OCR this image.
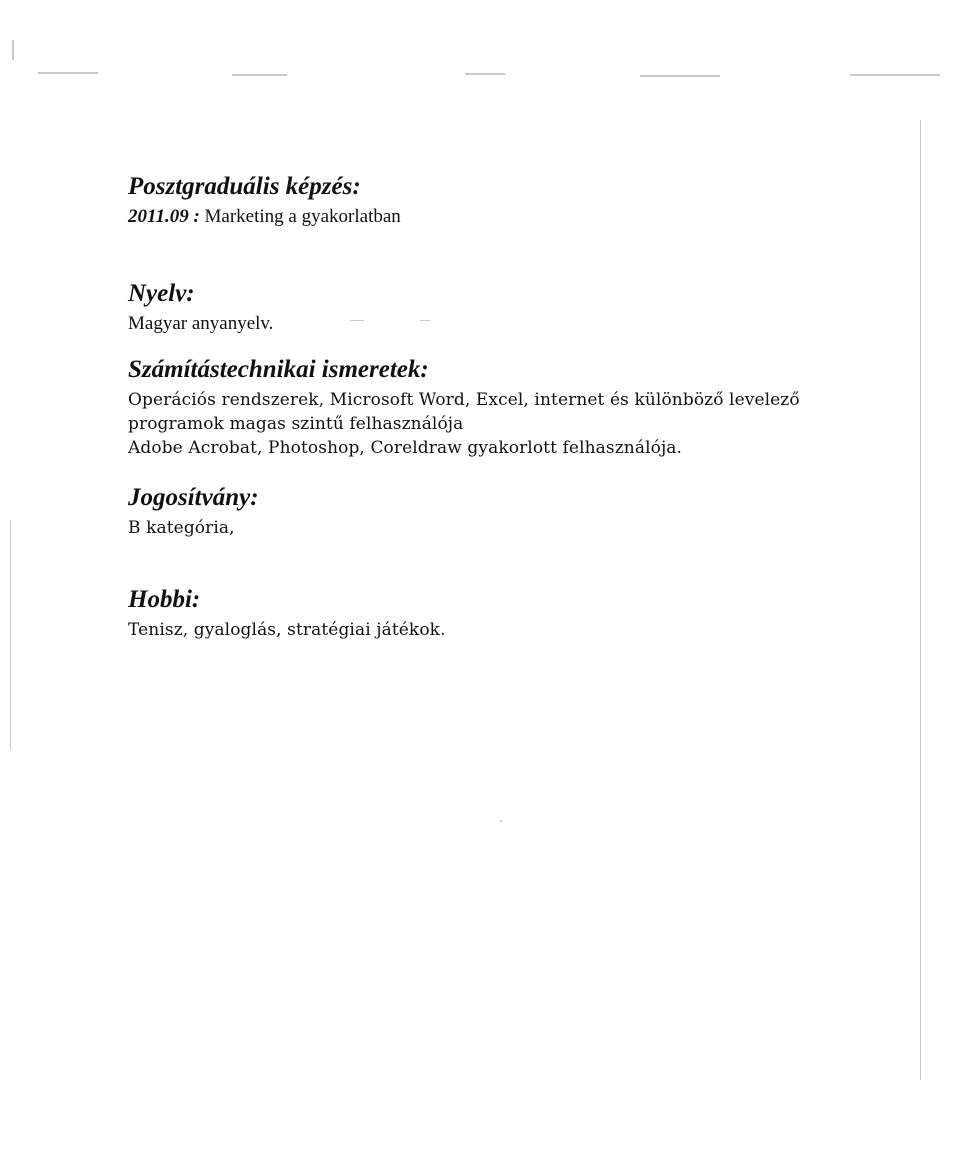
Posztgraduális képzés:
2011.09 : Marketing a gyakorlatban
Nyelv:
Magyar anyanyelv.
Számítástechnikai ismeretek:
Operációs rendszerek, Microsoft Word, Excel, internet és különböző levelező
programok magas szintű felhasználója
Adobe Acrobat, Photoshop, Coreldraw gyakorlott felhasználója.
Jogosítvány:
B kategória,
Hobbi:
Tenisz, gyaloglás, stratégiai játékok.
